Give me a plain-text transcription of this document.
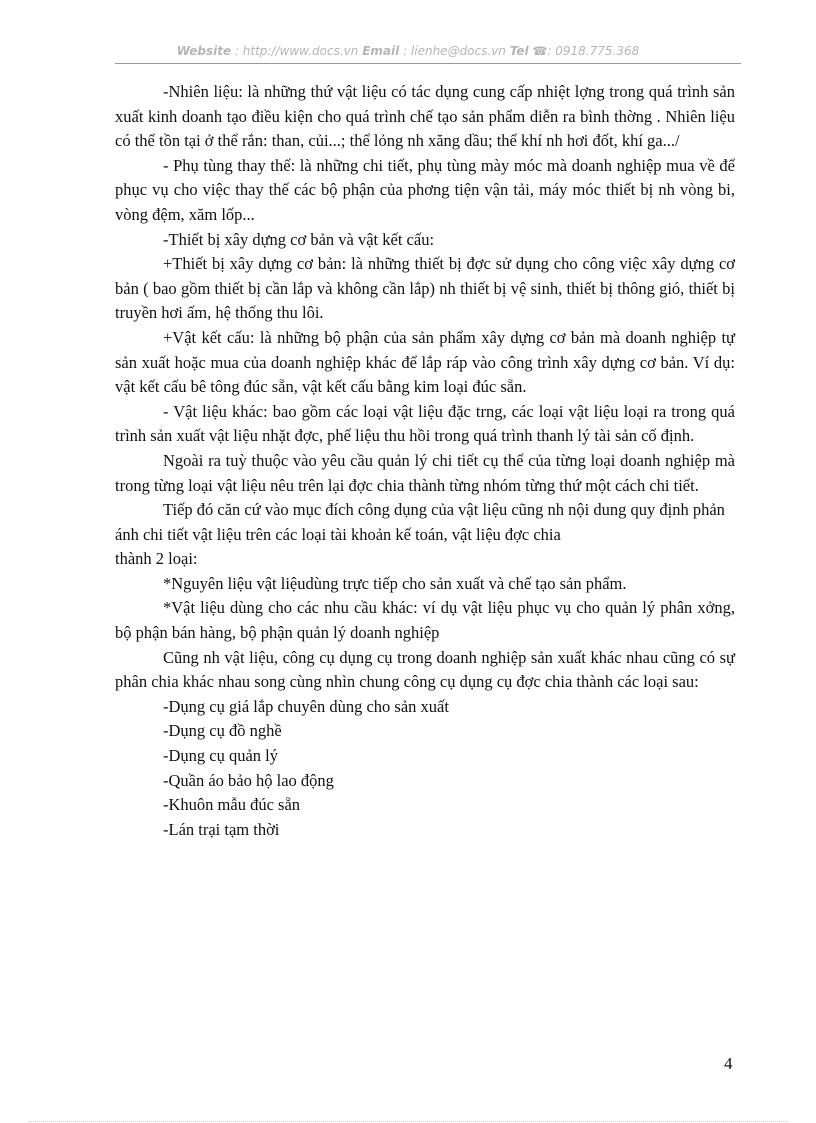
Website : http://www.docs.vn Email : lienhe@docs.vn Tel ☎: 0918.775.368

-Nhiên liệu: là những thứ vật liệu có tác dụng cung cấp nhiệt lợng trong quá trình sản xuất kinh doanh tạo điều kiện cho quá trình chế tạo sản phẩm diễn ra bình thờng . Nhiên liệu có thể tồn tại ở thể rắn: than, củi...; thể lỏng nh xăng dầu; thể khí nh hơi đốt, khí ga.../

- Phụ tùng thay thế: là những chi tiết, phụ tùng mày móc mà doanh nghiệp mua về để phục vụ cho việc thay thế các bộ phận của phơng tiện vận tải, máy móc thiết bị nh vòng bi, vòng đệm, xăm lốp...

-Thiết bị xây dựng cơ bản và vật kết cấu:

+Thiết bị xây dựng cơ bản: là những thiết bị đợc sử dụng cho công việc xây dựng cơ bản ( bao gồm thiết bị cần lắp và không cần lắp) nh thiết bị vệ sinh, thiết bị thông gió, thiết bị truyền hơi ấm, hệ thống thu lôi.

+Vật kết cấu: là những bộ phận của sản phẩm xây dựng cơ bản mà doanh nghiệp tự sản xuất hoặc mua của doanh nghiệp khác để lắp ráp vào công trình xây dựng cơ bản. Ví dụ: vật kết cấu bê tông đúc sẵn, vật kết cấu bằng kim loại đúc sẵn.

- Vật liệu khác: bao gồm các loại vật liệu đặc trng, các loại vật liệu loại ra trong quá trình sản xuất vật liệu nhặt đợc, phế liệu thu hồi trong quá trình thanh lý tài sản cố định.

Ngoài ra tuỳ thuộc vào yêu cầu quản lý chi tiết cụ thể của từng loại doanh nghiệp mà trong từng loại vật liệu nêu trên lại đợc chia thành từng nhóm từng thứ một cách chi tiết.

Tiếp đó căn cứ vào mục đích công dụng của vật liệu cũng nh nội dung quy định phản ánh chi tiết vật liệu trên các loại tài khoản kế toán, vật liệu đợc chia

thành 2 loại:

*Nguyên liệu vật liệudùng trực tiếp cho sản xuất và chế tạo sản phẩm.

*Vật liệu dùng cho các nhu cầu khác: ví dụ vật liệu phục vụ cho quản lý phân xởng, bộ phận bán hàng, bộ phận quản lý doanh nghiệp

Cũng nh vật liệu, công cụ dụng cụ trong doanh nghiệp sản xuất khác nhau cũng có sự phân chia khác nhau song cùng nhìn chung công cụ dụng cụ đợc chia thành các loại sau:

-Dụng cụ giá lắp chuyên dùng cho sản xuất

-Dụng cụ đồ nghề

-Dụng cụ quản lý

-Quần áo bảo hộ lao động

-Khuôn mẫu đúc sẵn

-Lán trại tạm thời

4
